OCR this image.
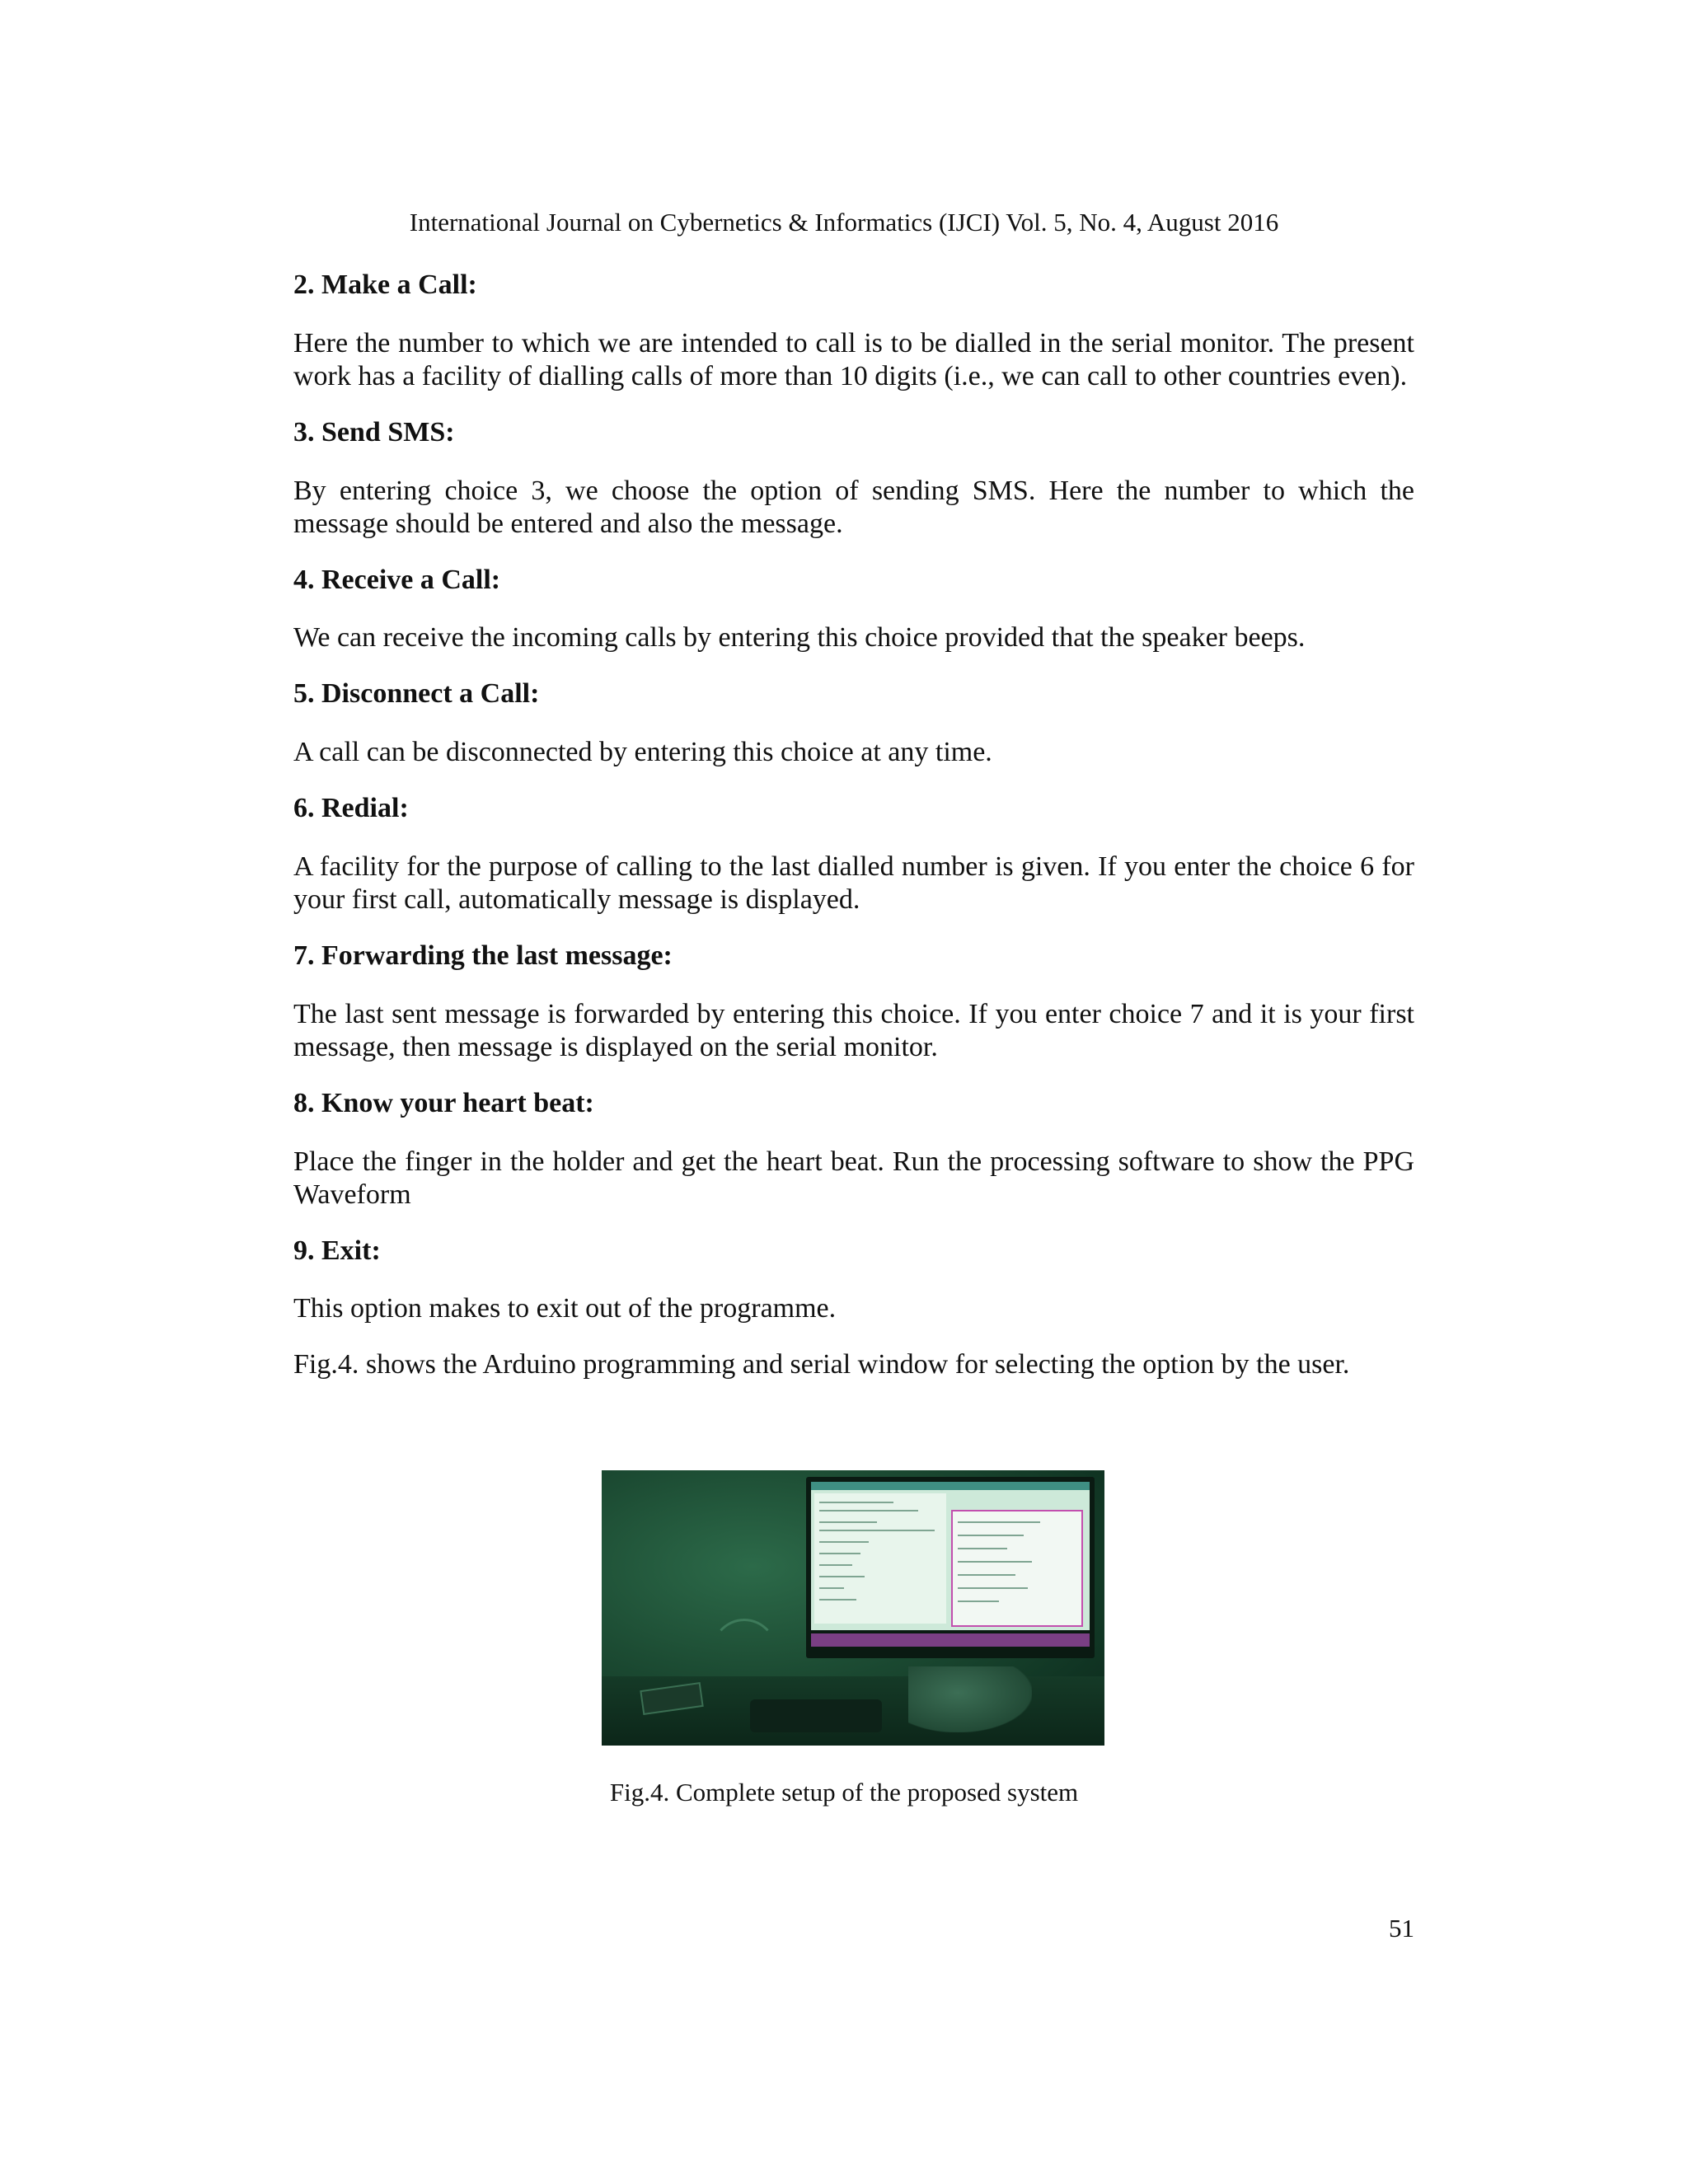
International Journal on Cybernetics & Informatics (IJCI) Vol. 5, No. 4, August 2016
2. Make a Call:

Here the number to which we are intended to call is to be dialled in the serial monitor. The present work has a facility of dialling calls of more than 10 digits (i.e., we can call to other countries even).

3. Send SMS:

By entering choice 3, we choose the option of sending SMS. Here the number to which the message should be entered and also the message.

4. Receive a Call:

We can receive the incoming calls by entering this choice provided that the speaker beeps.

5. Disconnect a Call:

A call can be disconnected by entering this choice at any time.

6. Redial:

A facility for the purpose of calling to the last dialled number is given. If you enter the choice 6 for your first call, automatically message is displayed.

7. Forwarding the last message:

The last sent message is forwarded by entering this choice. If you enter choice 7 and it is your first message, then message is displayed on the serial monitor.

8. Know your heart beat:

Place the finger in the holder and get the heart beat. Run the processing software to show the PPG Waveform

9. Exit:

This option makes to exit out of the programme.

Fig.4. shows the Arduino programming and serial window for selecting the option by the user.

Fig.4. Complete setup of the proposed system
51
